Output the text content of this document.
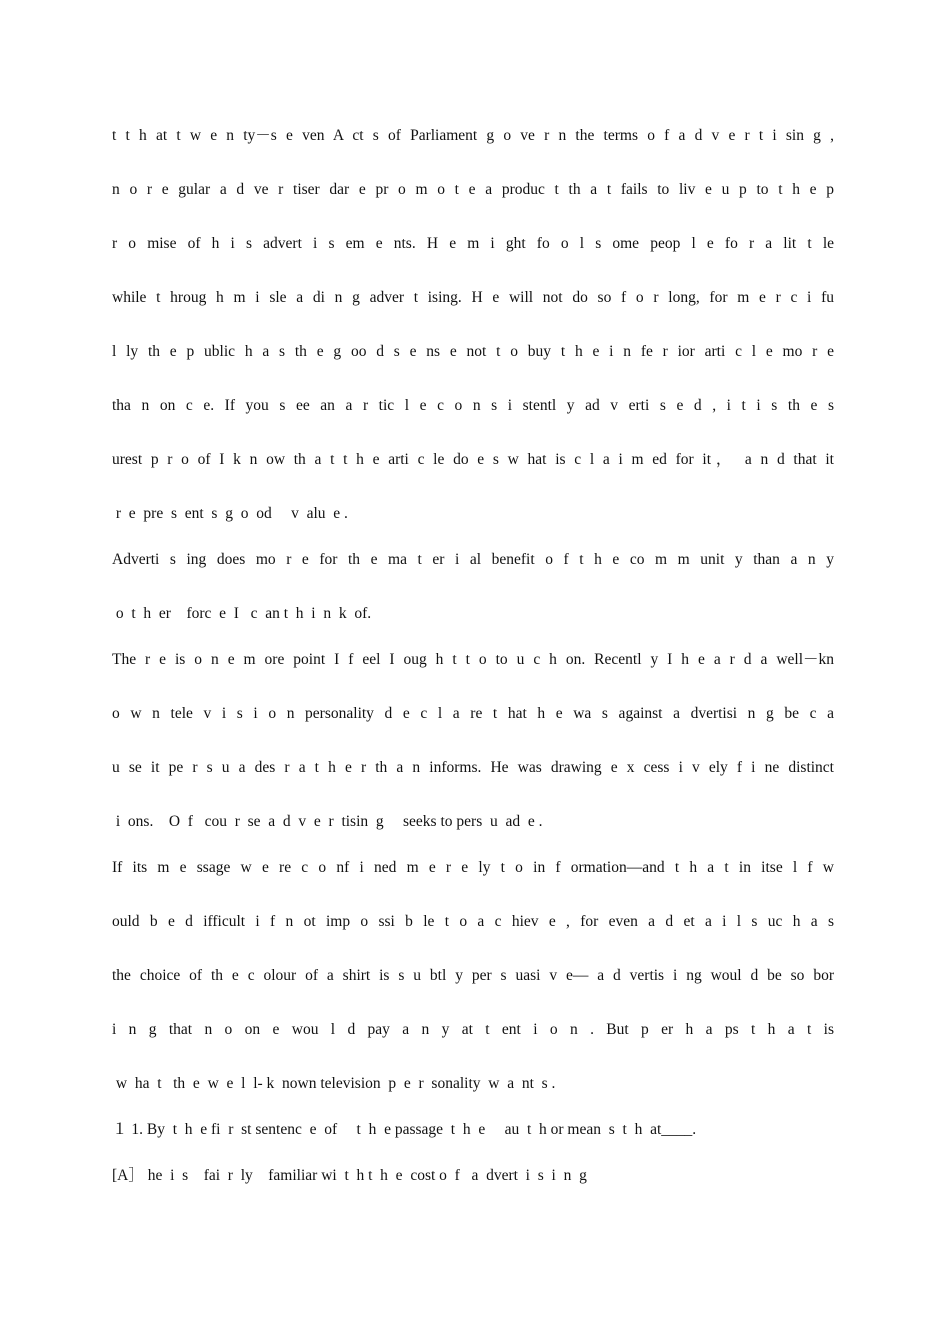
t t h at t w e n ty－s e ven A ct s of Parliament g o ve r n the terms o f a d v e r t i sin g ,
n o r e gular a d ve r tiser dar e pr o m o t e a produc t th a t fails to liv e u p to t h e p
r o mise of h i s advert i s em e nts. H e m i ght fo o l s ome peop l e fo r a lit t le
while t hroug h m i sle a di n g adver t ising. H e will not do so f o r long, for m e r c i fu
l ly th e p ublic h a s th e g oo d s e ns e not t o buy t h e i n fe r ior arti c l e mo r e
tha n on c e. If you s ee an a r tic l e c o n s i stentl y ad v erti s e d , i t i s th e s
urest p r o of I k n ow th a t t h e arti c le do e s w hat is c l a i m ed for it， a n d that it
r  e  pre  s  ent  s  g  o  od     v  alu  e .
Adverti s ing does mo r e for th e ma t er i al benefit o f t h e co m m unit y than a n y
o  t  h  er    forc  e  I   c  an t  h  i  n  k  of.
The r e is o n e m ore point I f eel I oug h t t o to u c h on. Recentl y I h e a r d a well－kn
o w n tele v i s i o n personality d e c l a re t hat h e wa s against a dvertisi n g be c a
u se it pe r s u a des r a t h e r th a n informs. He was drawing e x cess i v ely f i ne distinct
i  ons.    O  f   cou  r  se  a  d  v  e  r  tisin  g     seeks to pers  u  ad  e .
If its m e ssage w e re c o nf i ned m e r e ly t o in f ormation—and t h a t in itse l f w
ould b e d ifficult i f n ot imp o ssi b le t o a c hiev e , for even a d et a i l s uc h a s
the choice of th e c olour of a shirt is s u btl y per s uasi v e— a d vertis i ng woul d be so bor
i n g that n o on e wou l d pay a n y at t ent i o n . But p er h a ps t h a t is
w  ha  t   th  e  w  e  l  l- k  nown television  p  e  r  sonality  w  a  nt  s .
１ 1. By  t  h  e fi  r  st sentenc  e  of     t  h  e passage  t  h  e     au  t  h or mean  s  t  h  at____.
[A］ he  i  s    fai  r  ly    familiar wi  t  h t  h  e  cost o  f   a  dvert  i  s  i  n  g
